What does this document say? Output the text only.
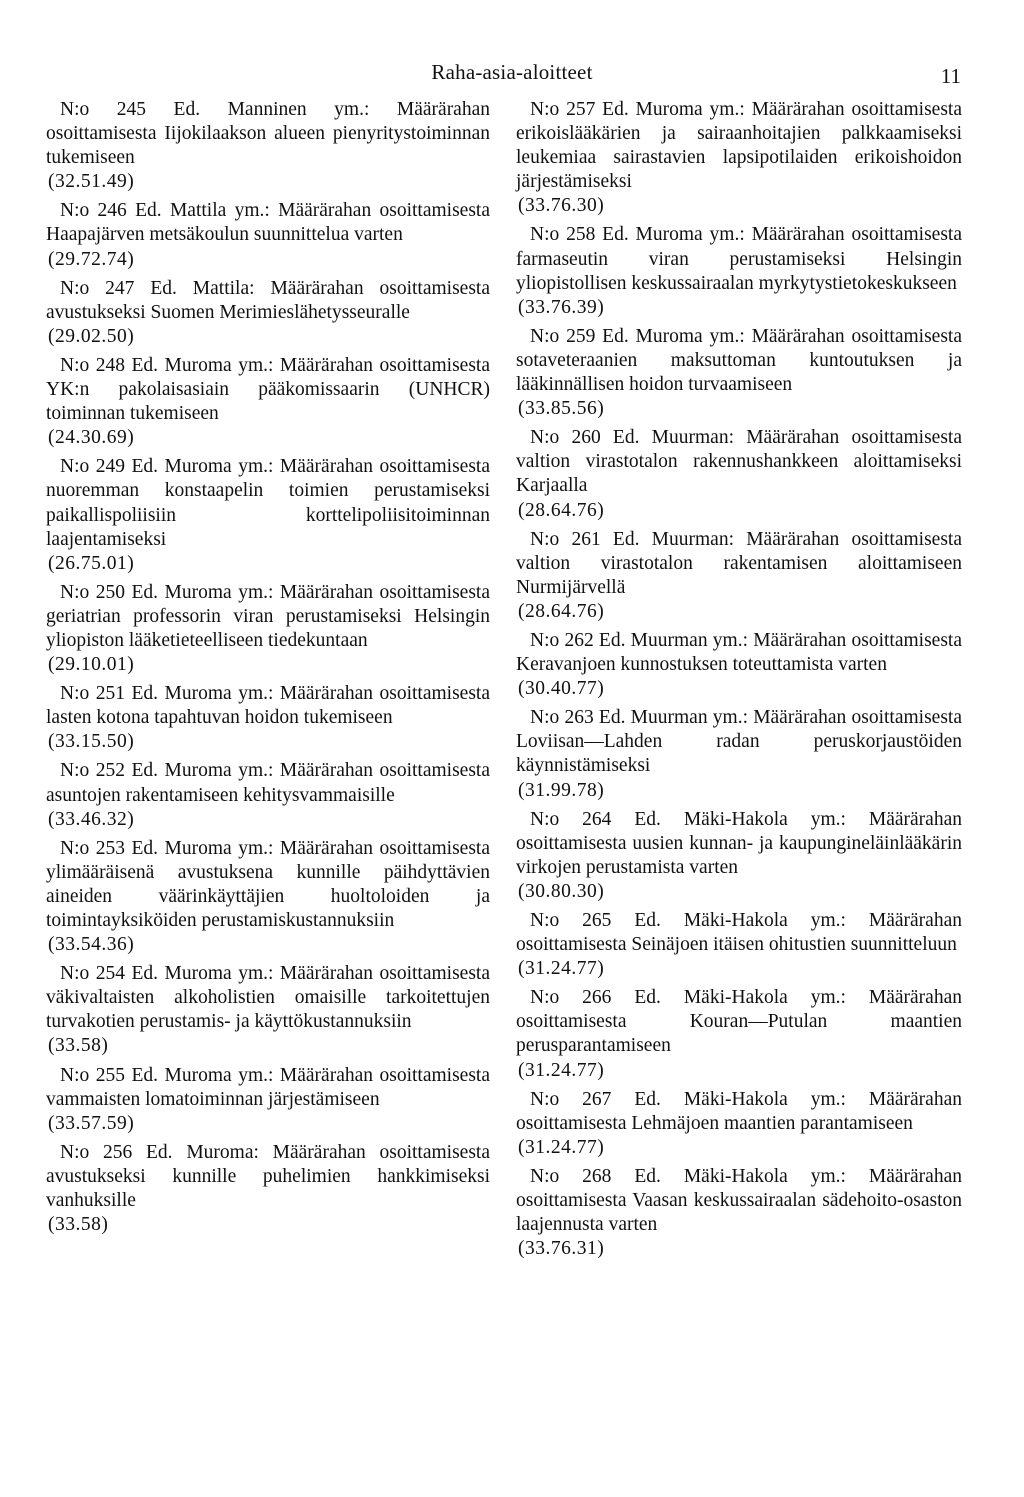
Raha-asia-aloitteet	11

N:o 245 Ed. Manninen ym.: Määrärahan osoittamisesta Iijokilaakson alueen pienyritystoiminnan tukemiseen

(32.51.49)

N:o 246 Ed. Mattila ym.: Määrärahan osoittamisesta Haapajärven metsäkoulun suunnittelua varten

(29.72.74)

N:o 247 Ed. Mattila: Määrärahan osoittamisesta avustukseksi Suomen Merimieslähetysseuralle

(29.02.50)

N:o 248 Ed. Muroma ym.: Määrärahan osoittamisesta YK:n pakolaisasiain pääkomissaarin (UNHCR) toiminnan tukemiseen

(24.30.69)

N:o 249 Ed. Muroma ym.: Määrärahan osoittamisesta nuoremman konstaapelin toimien perustamiseksi paikallispoliisiin korttelipoliisitoiminnan laajentamiseksi

(26.75.01)

N:o 250 Ed. Muroma ym.: Määrärahan osoittamisesta geriatrian professorin viran perustamiseksi Helsingin yliopiston lääketieteelliseen tiedekuntaan

(29.10.01)

N:o 251 Ed. Muroma ym.: Määrärahan osoittamisesta lasten kotona tapahtuvan hoidon tukemiseen

(33.15.50)

N:o 252 Ed. Muroma ym.: Määrärahan osoittamisesta asuntojen rakentamiseen kehitysvammaisille

(33.46.32)

N:o 253 Ed. Muroma ym.: Määrärahan osoittamisesta ylimääräisenä avustuksena kunnille päihdyttävien aineiden väärinkäyttäjien huoltoloiden ja toimintayksiköiden perustamiskustannuksiin

(33.54.36)

N:o 254 Ed. Muroma ym.: Määrärahan osoittamisesta väkivaltaisten alkoholistien omaisille tarkoitettujen turvakotien perustamis- ja käyttökustannuksiin

(33.58)

N:o 255 Ed. Muroma ym.: Määrärahan osoittamisesta vammaisten lomatoiminnan järjestämiseen

(33.57.59)

N:o 256 Ed. Muroma: Määrärahan osoittamisesta avustukseksi kunnille puhelimien hankkimiseksi vanhuksille

(33.58)

N:o 257 Ed. Muroma ym.: Määrärahan osoittamisesta erikoislääkärien ja sairaanhoitajien palkkaamiseksi leukemiaa sairastavien lapsipotilaiden erikoishoidon järjestämiseksi

(33.76.30)

N:o 258 Ed. Muroma ym.: Määrärahan osoittamisesta farmaseutin viran perustamiseksi Helsingin yliopistollisen keskussairaalan myrkytystietokeskukseen

(33.76.39)

N:o 259 Ed. Muroma ym.: Määrärahan osoittamisesta sotaveteraanien maksuttoman kuntoutuksen ja lääkinnällisen hoidon turvaamiseen

(33.85.56)

N:o 260 Ed. Muurman: Määrärahan osoittamisesta valtion virastotalon rakennushankkeen aloittamiseksi Karjaalla

(28.64.76)

N:o 261 Ed. Muurman: Määrärahan osoittamisesta valtion virastotalon rakentamisen aloittamiseen Nurmijärvellä

(28.64.76)

N:o 262 Ed. Muurman ym.: Määrärahan osoittamisesta Keravanjoen kunnostuksen toteuttamista varten

(30.40.77)

N:o 263 Ed. Muurman ym.: Määrärahan osoittamisesta Loviisan—Lahden radan peruskorjaustöiden käynnistämiseksi

(31.99.78)

N:o 264 Ed. Mäki-Hakola ym.: Määrärahan osoittamisesta uusien kunnan- ja kaupungineläinlääkärin virkojen perustamista varten

(30.80.30)

N:o 265 Ed. Mäki-Hakola ym.: Määrärahan osoittamisesta Seinäjoen itäisen ohitustien suunnitteluun

(31.24.77)

N:o 266 Ed. Mäki-Hakola ym.: Määrärahan osoittamisesta Kouran—Putulan maantien perusparantamiseen

(31.24.77)

N:o 267 Ed. Mäki-Hakola ym.: Määrärahan osoittamisesta Lehmäjoen maantien parantamiseen

(31.24.77)

N:o 268 Ed. Mäki-Hakola ym.: Määrärahan osoittamisesta Vaasan keskussairaalan sädehoito-osaston laajennusta varten

(33.76.31)
